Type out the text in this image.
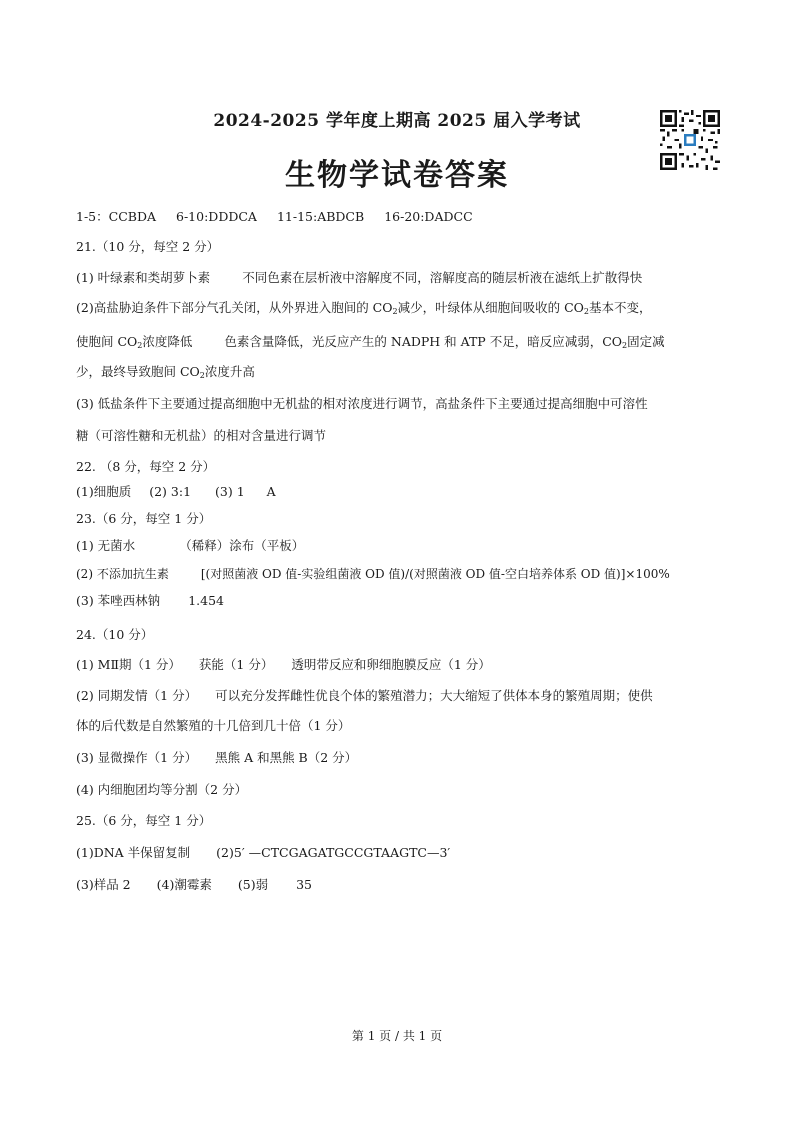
2024-2025 学年度上期高 2025 届入学考试
生物学试卷答案
1-5：CCBDA 6-10:DDDCA 11-15:ABDCB 16-20:DADCC
21.（10 分，每空 2 分）
(1) 叶绿素和类胡萝卜素	不同色素在层析液中溶解度不同，溶解度高的随层析液在滤纸上扩散得快
(2)高盐胁迫条件下部分气孔关闭，从外界进入胞间的 $CO_2$减少，叶绿体从细胞间吸收的 $CO_2$基本不变，
使胞间 $CO_2$浓度降低	色素含量降低，光反应产生的 NADPH 和 ATP 不足，暗反应减弱，$CO_2$固定减
少，最终导致胞间 $CO_2$浓度升高
(3) 低盐条件下主要通过提高细胞中无机盐的相对浓度进行调节，高盐条件下主要通过提高细胞中可溶性
糖（可溶性糖和无机盐）的相对含量进行调节
22. （8 分，每空 2 分）
(1)细胞质 (2) 3:1 (3) 1 A
23.（6 分，每空 1 分）
(1) 无菌水	（稀释）涂布（平板）
(2) 不添加抗生素	[(对照菌液 OD 值-实验组菌液 OD 值)/(对照菌液 OD 值-空白培养体系 OD 值)]×100%
(3) 苯唑西林钠 1.454
24.（10 分）
(1) MⅡ期（1 分） 获能（1 分） 透明带反应和卵细胞膜反应（1 分）
(2) 同期发情（1 分） 可以充分发挥雌性优良个体的繁殖潜力；大大缩短了供体本身的繁殖周期；使供
体的后代数是自然繁殖的十几倍到几十倍（1 分）
(3) 显微操作（1 分） 黑熊 A 和黑熊 B（2 分）
(4) 内细胞团均等分割（2 分）
25.（6 分，每空 1 分）
(1)DNA 半保留复制 (2)5′ —CTCGAGATGCCGTAAGTC—3′
(3)样品 2 (4)潮霉素 (5)弱 35
第 1 页 / 共 1 页
